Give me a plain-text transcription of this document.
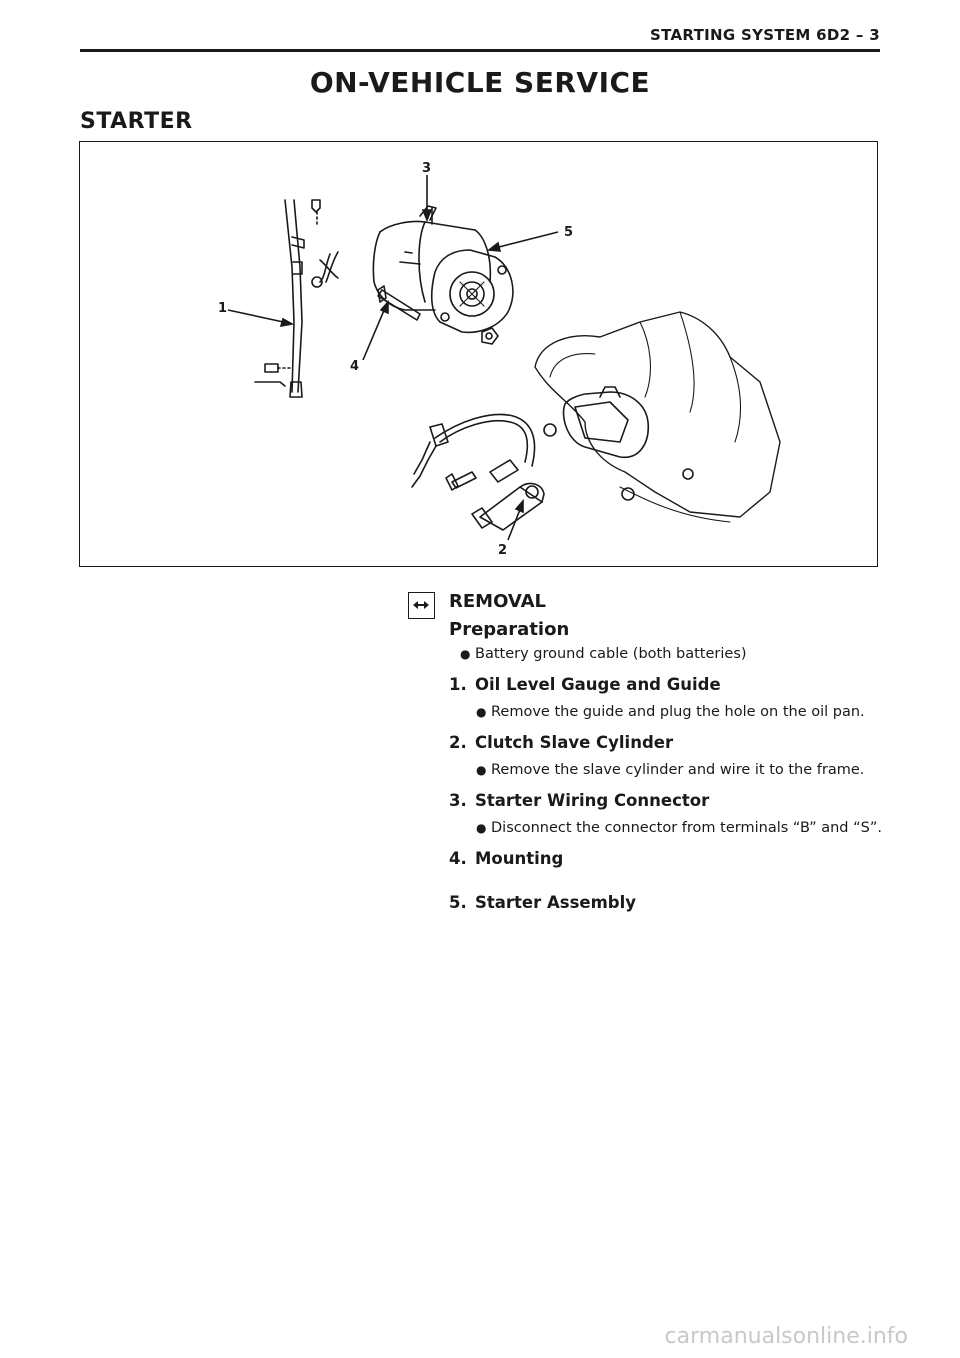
STARTING SYSTEM 6D2 – 3
ON-VEHICLE SERVICE
STARTER
1
2
3
4
5
REMOVAL
Preparation
● Battery ground cable (both batteries)
1. Oil Level Gauge and Guide
● Remove the guide and plug the hole on the oil pan.
2. Clutch Slave Cylinder
● Remove the slave cylinder and wire it to the frame.
3. Starter Wiring Connector
● Disconnect the connector from terminals “B” and “S”.
4. Mounting
5. Starter Assembly
carmanualsonline.info
